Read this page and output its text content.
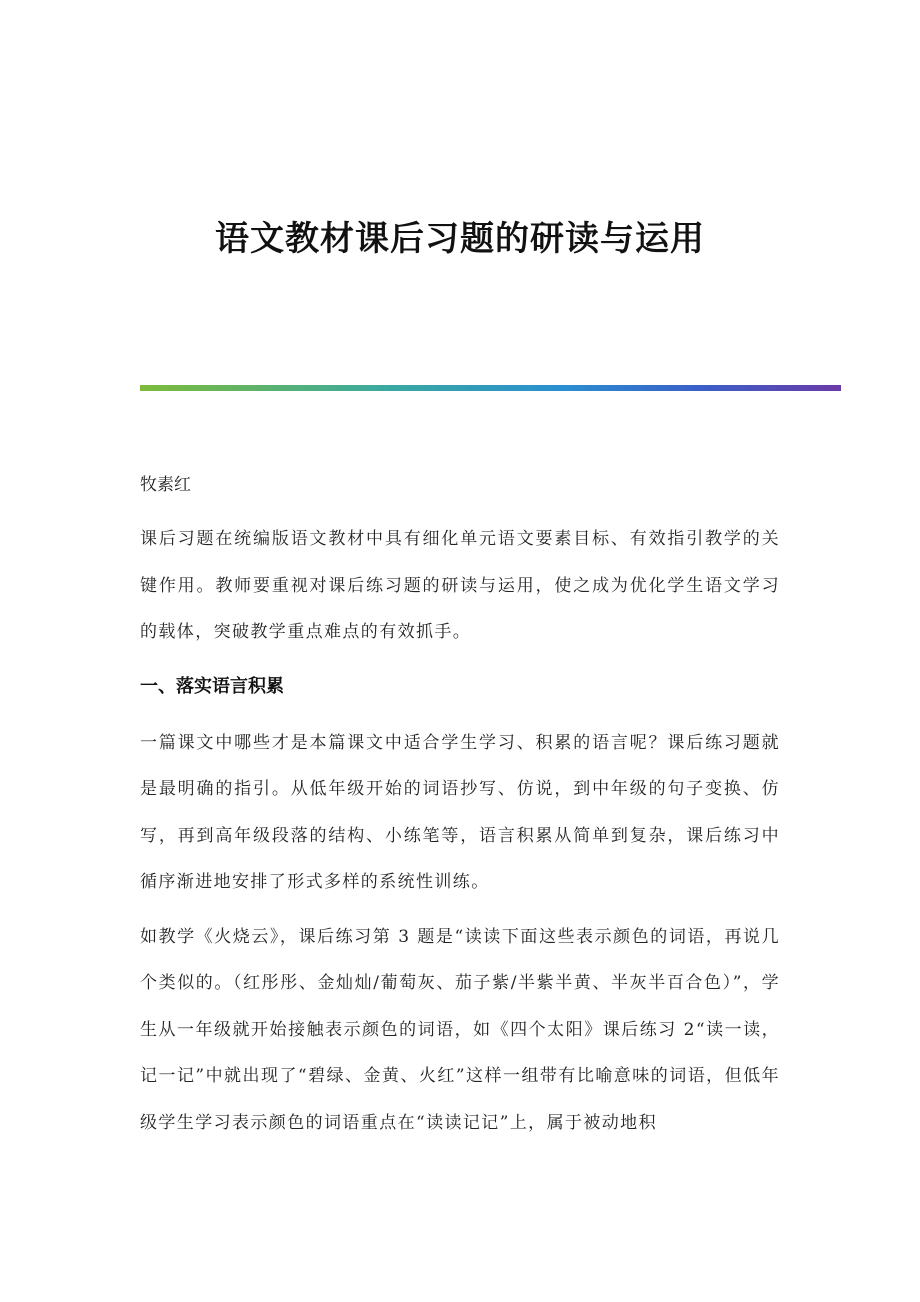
语文教材课后习题的研读与运用

牧素红

课后习题在统编版语文教材中具有细化单元语文要素目标、有效指引教学的关键作用。教师要重视对课后练习题的研读与运用，使之成为优化学生语文学习的载体，突破教学重点难点的有效抓手。

一、落实语言积累

一篇课文中哪些才是本篇课文中适合学生学习、积累的语言呢？课后练习题就是最明确的指引。从低年级开始的词语抄写、仿说，到中年级的句子变换、仿写，再到高年级段落的结构、小练笔等，语言积累从简单到复杂，课后练习中循序渐进地安排了形式多样的系统性训练。

如教学《火烧云》，课后练习第 3 题是“读读下面这些表示颜色的词语，再说几个类似的。（红彤彤、金灿灿/葡萄灰、茄子紫/半紫半黄、半灰半百合色）”，学生从一年级就开始接触表示颜色的词语，如《四个太阳》课后练习 2“读一读，记一记”中就出现了“碧绿、金黄、火红”这样一组带有比喻意味的词语，但低年级学生学习表示颜色的词语重点在“读读记记”上，属于被动地积
